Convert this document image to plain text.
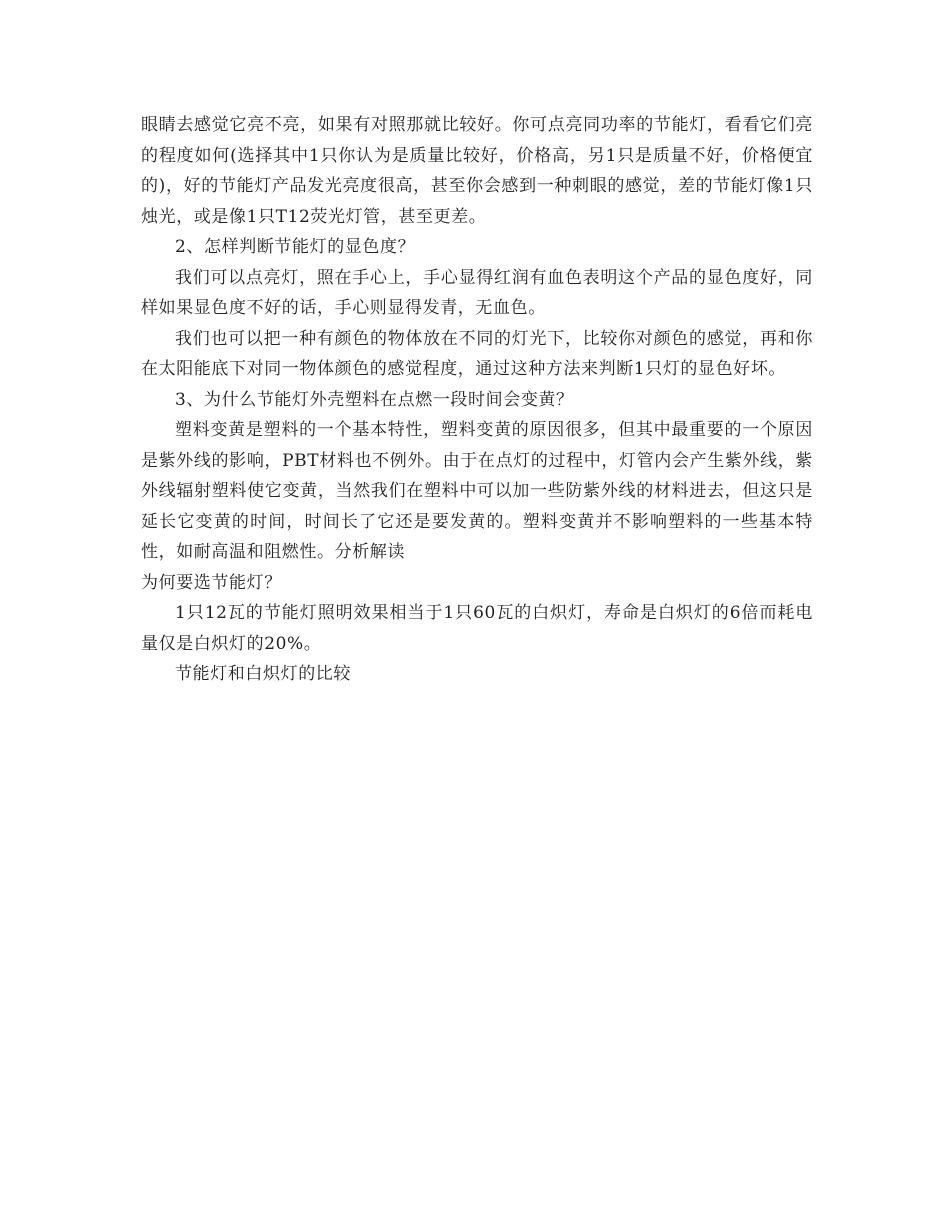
眼睛去感觉它亮不亮，如果有对照那就比较好。你可点亮同功率的节能灯，看看它们亮的程度如何(选择其中1只你认为是质量比较好，价格高，另1只是质量不好，价格便宜的)，好的节能灯产品发光亮度很高，甚至你会感到一种刺眼的感觉，差的节能灯像1只烛光，或是像1只T12荧光灯管，甚至更差。

2、怎样判断节能灯的显色度？

我们可以点亮灯，照在手心上，手心显得红润有血色表明这个产品的显色度好，同样如果显色度不好的话，手心则显得发青，无血色。

我们也可以把一种有颜色的物体放在不同的灯光下，比较你对颜色的感觉，再和你在太阳能底下对同一物体颜色的感觉程度，通过这种方法来判断1只灯的显色好坏。

3、为什么节能灯外壳塑料在点燃一段时间会变黄？

塑料变黄是塑料的一个基本特性，塑料变黄的原因很多，但其中最重要的一个原因是紫外线的影响，PBT材料也不例外。由于在点灯的过程中，灯管内会产生紫外线，紫外线辐射塑料使它变黄，当然我们在塑料中可以加一些防紫外线的材料进去，但这只是延长它变黄的时间，时间长了它还是要发黄的。塑料变黄并不影响塑料的一些基本特性，如耐高温和阻燃性。分析解读

为何要选节能灯？

1只12瓦的节能灯照明效果相当于1只60瓦的白炽灯，寿命是白炽灯的6倍而耗电量仅是白炽灯的20%。

节能灯和白炽灯的比较
